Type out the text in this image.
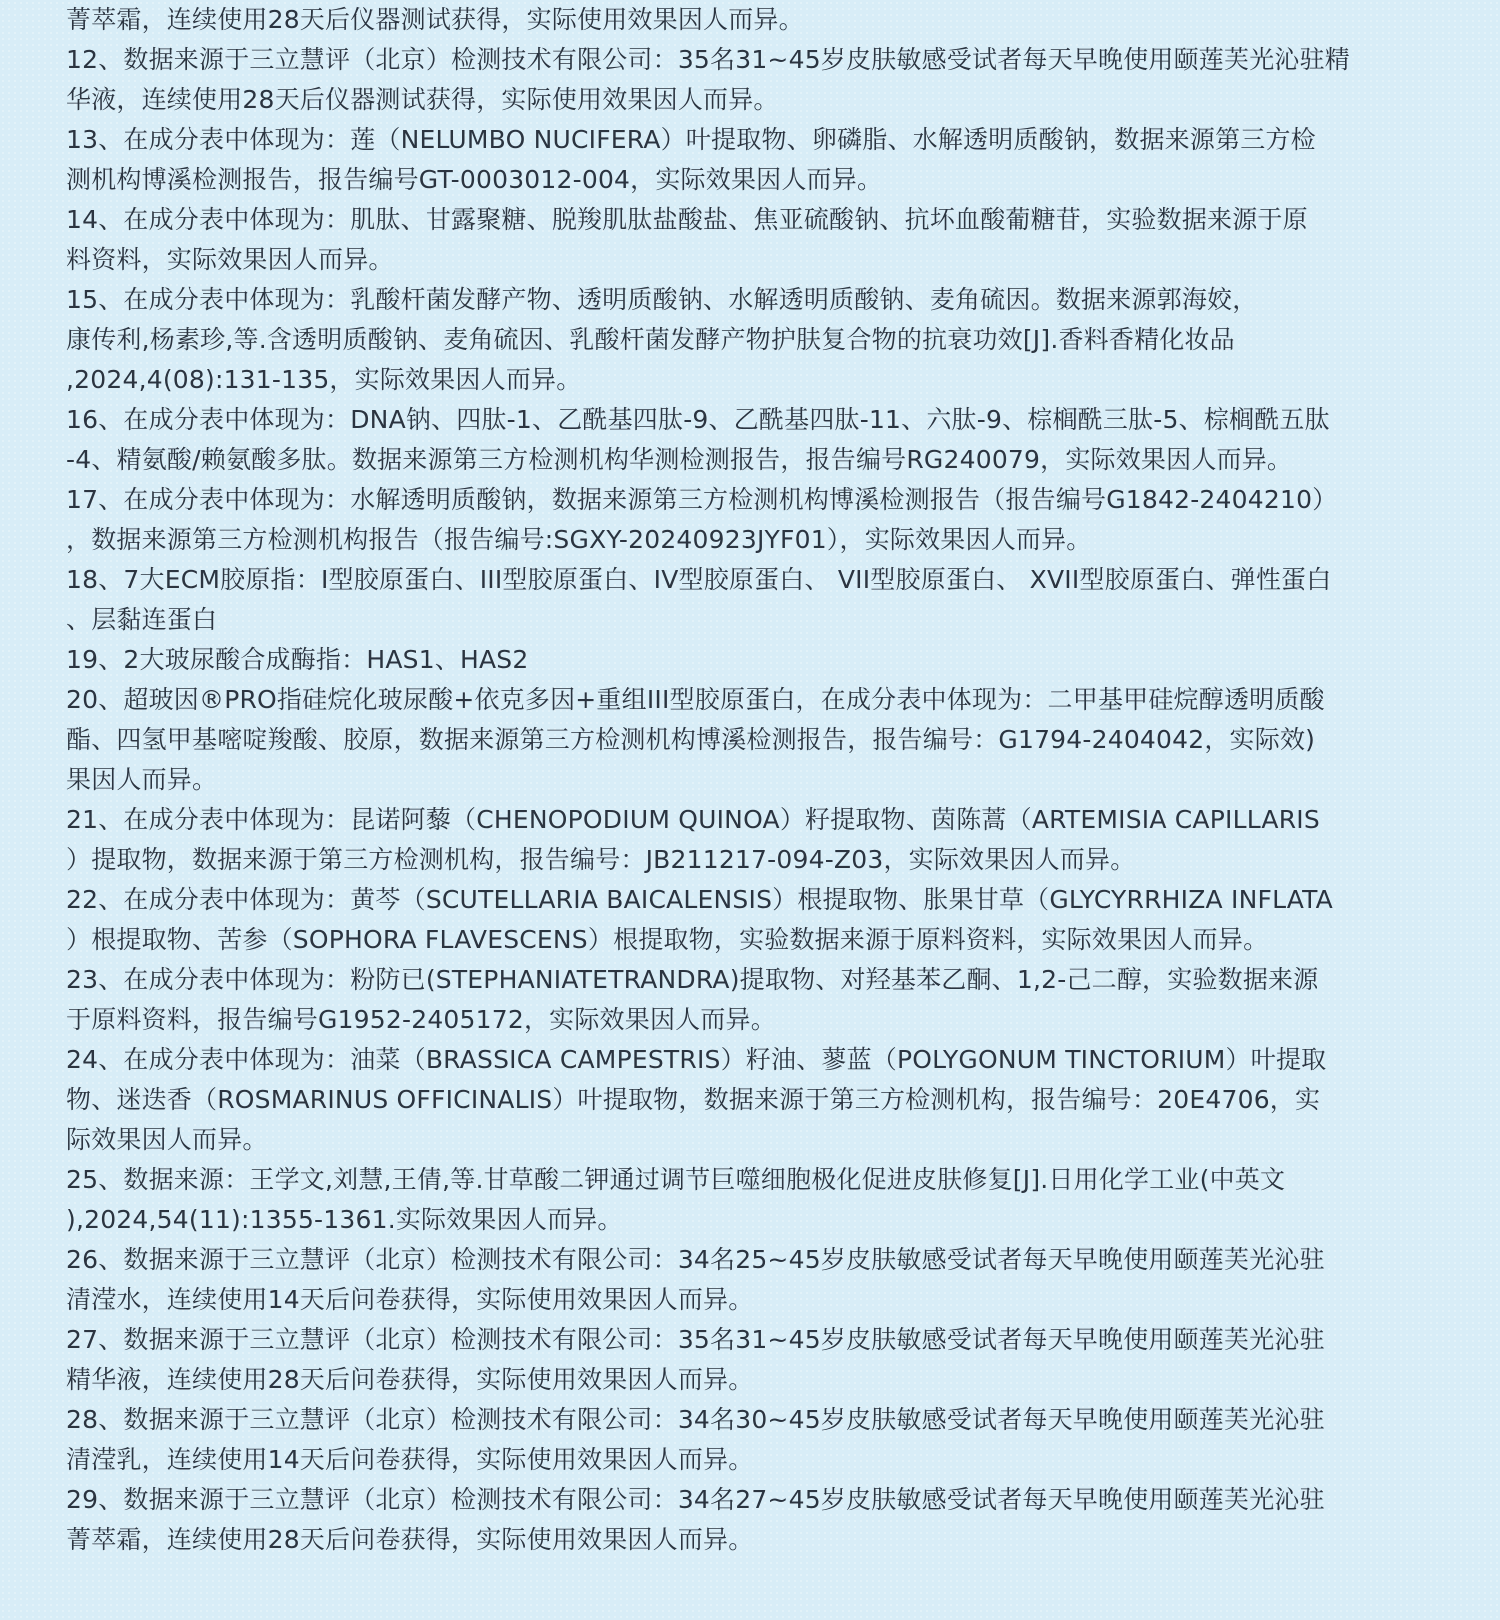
菁萃霜，连续使用28天后仪器测试获得，实际使用效果因人而异。
12、数据来源于三立慧评（北京）检测技术有限公司：35名31~45岁皮肤敏感受试者每天早晚使用颐莲芙光沁驻精
华液，连续使用28天后仪器测试获得，实际使用效果因人而异。
13、在成分表中体现为：莲（NELUMBO NUCIFERA）叶提取物、卵磷脂、水解透明质酸钠，数据来源第三方检
测机构博溪检测报告，报告编号GT-0003012-004，实际效果因人而异。
14、在成分表中体现为：肌肽、甘露聚糖、脱羧肌肽盐酸盐、焦亚硫酸钠、抗坏血酸葡糖苷，实验数据来源于原
料资料，实际效果因人而异。
15、在成分表中体现为：乳酸杆菌发酵产物、透明质酸钠、水解透明质酸钠、麦角硫因。数据来源郭海姣，
康传利,杨素珍,等.含透明质酸钠、麦角硫因、乳酸杆菌发酵产物护肤复合物的抗衰功效[J].香料香精化妆品
,2024,4(08):131-135，实际效果因人而异。
16、在成分表中体现为：DNA钠、四肽-1、乙酰基四肽-9、乙酰基四肽-11、六肽-9、棕榈酰三肽-5、棕榈酰五肽
-4、精氨酸/赖氨酸多肽。数据来源第三方检测机构华测检测报告，报告编号RG240079，实际效果因人而异。
17、在成分表中体现为：水解透明质酸钠，数据来源第三方检测机构博溪检测报告（报告编号G1842-2404210）
，数据来源第三方检测机构报告（报告编号:SGXY-20240923JYF01），实际效果因人而异。
18、7大ECM胶原指：I型胶原蛋白、III型胶原蛋白、IV型胶原蛋白、 VII型胶原蛋白、 XVII型胶原蛋白、弹性蛋白
、层黏连蛋白
19、2大玻尿酸合成酶指：HAS1、HAS2
20、超玻因®PRO指硅烷化玻尿酸+依克多因+重组III型胶原蛋白，在成分表中体现为：二甲基甲硅烷醇透明质酸
酯、四氢甲基嘧啶羧酸、胶原，数据来源第三方检测机构博溪检测报告，报告编号：G1794-2404042，实际效)
果因人而异。
21、在成分表中体现为：昆诺阿藜（CHENOPODIUM QUINOA）籽提取物、茵陈蒿（ARTEMISIA CAPILLARIS
）提取物，数据来源于第三方检测机构，报告编号：JB211217-094-Z03，实际效果因人而异。
22、在成分表中体现为：黄芩（SCUTELLARIA BAICALENSIS）根提取物、胀果甘草（GLYCYRRHIZA INFLATA
）根提取物、苦参（SOPHORA FLAVESCENS）根提取物，实验数据来源于原料资料，实际效果因人而异。
23、在成分表中体现为：粉防已(STEPHANIATETRANDRA)提取物、对羟基苯乙酮、1,2-己二醇，实验数据来源
于原料资料，报告编号G1952-2405172，实际效果因人而异。
24、在成分表中体现为：油菜（BRASSICA CAMPESTRIS）籽油、蓼蓝（POLYGONUM TINCTORIUM）叶提取
物、迷迭香（ROSMARINUS OFFICINALIS）叶提取物，数据来源于第三方检测机构，报告编号：20E4706，实
际效果因人而异。
25、数据来源：王学文,刘慧,王倩,等.甘草酸二钾通过调节巨噬细胞极化促进皮肤修复[J].日用化学工业(中英文
),2024,54(11):1355-1361.实际效果因人而异。
26、数据来源于三立慧评（北京）检测技术有限公司：34名25~45岁皮肤敏感受试者每天早晚使用颐莲芙光沁驻
清滢水，连续使用14天后问卷获得，实际使用效果因人而异。
27、数据来源于三立慧评（北京）检测技术有限公司：35名31~45岁皮肤敏感受试者每天早晚使用颐莲芙光沁驻
精华液，连续使用28天后问卷获得，实际使用效果因人而异。
28、数据来源于三立慧评（北京）检测技术有限公司：34名30~45岁皮肤敏感受试者每天早晚使用颐莲芙光沁驻
清滢乳，连续使用14天后问卷获得，实际使用效果因人而异。
29、数据来源于三立慧评（北京）检测技术有限公司：34名27~45岁皮肤敏感受试者每天早晚使用颐莲芙光沁驻
菁萃霜，连续使用28天后问卷获得，实际使用效果因人而异。
